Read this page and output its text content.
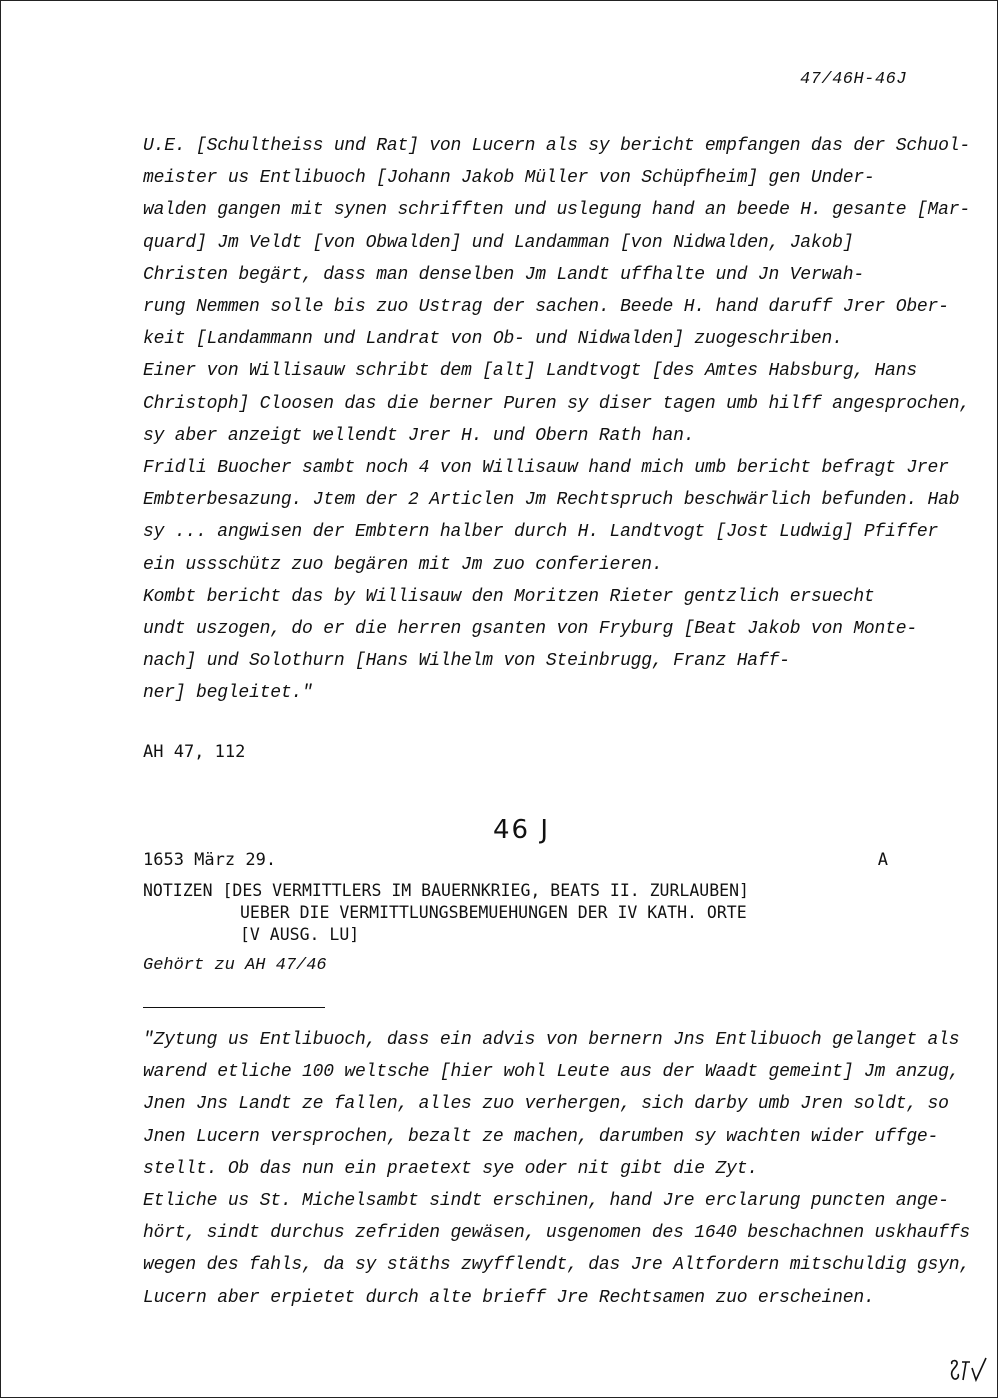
47/46H-46J
U.E. [Schultheiss und Rat] von Lucern als sy bericht empfangen das der Schuol-
meister us Entlibuoch [Johann Jakob Müller von Schüpfheim] gen Under-
walden gangen mit synen schrifften und uslegung hand an beede H. gesante [Mar-
quard] Jm Veldt [von Obwalden] und Landamman [von Nidwalden, Jakob]
Christen begärt, dass man denselben Jm Landt uffhalte und Jn Verwah-
rung Nemmen solle bis zuo Ustrag der sachen. Beede H. hand daruff Jrer Ober-
keit [Landammann und Landrat von Ob- und Nidwalden] zuogeschriben.
Einer von Willisauw schribt dem [alt] Landtvogt [des Amtes Habsburg, Hans
Christoph] Cloosen das die berner Puren sy diser tagen umb hilff angesprochen,
sy aber anzeigt wellendt Jrer H. und Obern Rath han.
Fridli Buocher sambt noch 4 von Willisauw hand mich umb bericht befragt Jrer
Embterbesazung. Jtem der 2 Articlen Jm Rechtspruch beschwärlich befunden. Hab
sy ... angwisen der Embtern halber durch H. Landtvogt [Jost Ludwig] Pfiffer
ein ussschütz zuo begären mit Jm zuo conferieren.
Kombt bericht das by Willisauw den Moritzen Rieter gentzlich ersuecht
undt uszogen, do er die herren gsanten von Fryburg [Beat Jakob von Monte-
nach] und Solothurn [Hans Wilhelm von Steinbrugg, Franz Haff-
ner] begleitet."
AH 47, 112
46 J
1653 März 29.	A
NOTIZEN [DES VERMITTLERS IM BAUERNKRIEG, BEATS II. ZURLAUBEN]
UEBER DIE VERMITTLUNGSBEMUEHUNGEN DER IV KATH. ORTE
[V AUSG. LU]
Gehört zu AH 47/46
"Zytung us Entlibuoch, dass ein advis von bernern Jns Entlibuoch gelanget als
warend etliche 100 weltsche [hier wohl Leute aus der Waadt gemeint] Jm anzug,
Jnen Jns Landt ze fallen, alles zuo verhergen, sich darby umb Jren soldt, so
Jnen Lucern versprochen, bezalt ze machen, darumben sy wachten wider uffge-
stellt. Ob das nun ein praetext sye oder nit gibt die Zyt.
Etliche us St. Michelsambt sindt erschinen, hand Jre erclarung puncten ange-
hört, sindt durchus zefriden gewäsen, usgenomen des 1640 beschachnen uskhauffs
wegen des fahls, da sy stäths zwyfflendt, das Jre Altfordern mitschuldig gsyn,
Lucern aber erpietet durch alte brieff Jre Rechtsamen zuo erscheinen.
